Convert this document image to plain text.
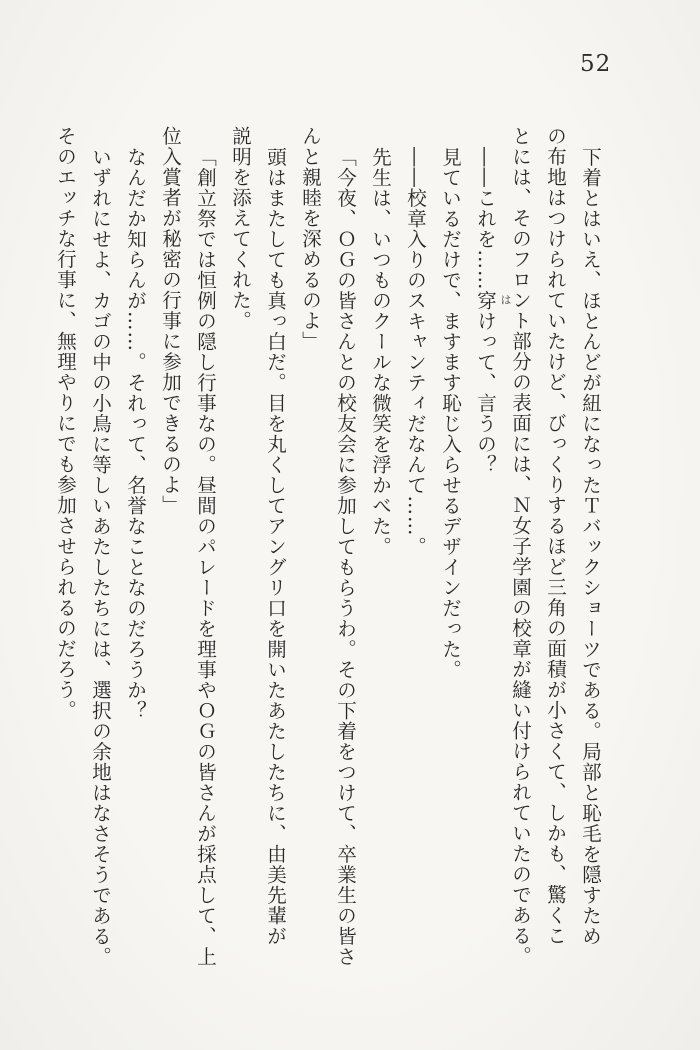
52
下着とはいえ、ほとんどが紐になったＴバックショーツである。局部と恥毛を隠すため
の布地はつけられていたけど、びっくりするほど三角の面積が小さくて、しかも、驚くこ
とには、そのフロント部分の表面には、Ｎ女子学園の校章が縫い付けられていたのである。
――これを……穿けって、言うの？
見ているだけで、ますます恥じ入らせるデザインだった。
――校章入りのスキャンティだなんて……。
先生は、いつものクールな微笑を浮かべた。
「今夜、ＯＧの皆さんとの校友会に参加してもらうわ。その下着をつけて、卒業生の皆さ
んと親睦を深めるのよ」
頭はまたしても真っ白だ。目を丸くしてアングリ口を開いたあたしたちに、由美先輩が
説明を添えてくれた。
「創立祭では恒例の隠し行事なの。昼間のパレードを理事やＯＧの皆さんが採点して、上
位入賞者が秘密の行事に参加できるのよ」
なんだか知らんが……。それって、名誉なことなのだろうか？
いずれにせよ、カゴの中の小鳥に等しいあたしたちには、選択の余地はなさそうである。
そのエッチな行事に、無理やりにでも参加させられるのだろう。	は
